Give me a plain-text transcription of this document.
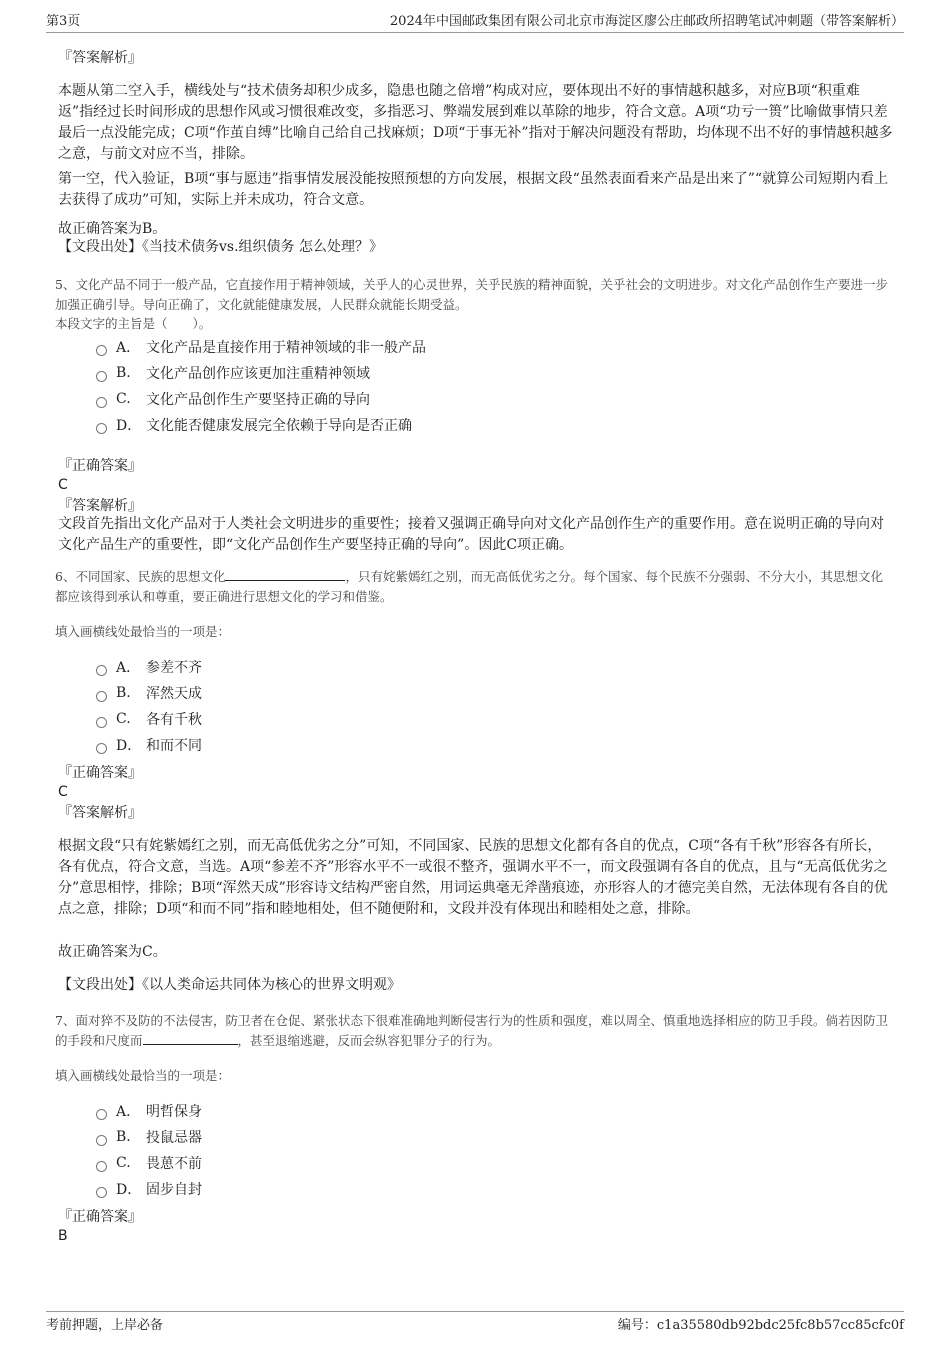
第3页	2024年中国邮政集团有限公司北京市海淀区廖公庄邮政所招聘笔试冲刺题（带答案解析）
『答案解析』
本题从第二空入手，横线处与“技术债务却积少成多，隐患也随之倍增”构成对应，要体现出不好的事情越积越多，对应B项“积重难返”指经过长时间形成的思想作风或习惯很难改变，多指恶习、弊端发展到难以革除的地步，符合文意。A项“功亏一篑”比喻做事情只差最后一点没能完成；C项“作茧自缚”比喻自己给自己找麻烦；D项“于事无补”指对于解决问题没有帮助，均体现不出不好的事情越积越多之意，与前文对应不当，排除。
第一空，代入验证，B项“事与愿违”指事情发展没能按照预想的方向发展，根据文段“虽然表面看来产品是出来了”“就算公司短期内看上去获得了成功”可知，实际上并未成功，符合文意。
故正确答案为B。
【文段出处】《当技术债务vs.组织债务 怎么处理？》
5、文化产品不同于一般产品，它直接作用于精神领域，关乎人的心灵世界，关乎民族的精神面貌，关乎社会的文明进步。对文化产品创作生产要进一步加强正确引导。导向正确了，文化就能健康发展，人民群众就能长期受益。
本段文字的主旨是（　　）。
A． 文化产品是直接作用于精神领域的非一般产品
B.	文化产品创作应该更加注重精神领域
C.	文化产品创作生产要坚持正确的导向
D． 文化能否健康发展完全依赖于导向是否正确
『正确答案』
C
『答案解析』
文段首先指出文化产品对于人类社会文明进步的重要性；接着又强调正确导向对文化产品创作生产的重要作用。意在说明正确的导向对文化产品生产的重要性，即“文化产品创作生产要坚持正确的导向”。因此C项正确。
6、不同国家、民族的思想文化	，只有姹紫嫣红之别，而无高低优劣之分。每个国家、每个民族不分强弱、不分大小，其思想文化都应该得到承认和尊重，要正确进行思想文化的学习和借鉴。
填入画横线处最恰当的一项是：
A． 参差不齐
B.	浑然天成
C.	各有千秋
D． 和而不同
『正确答案』
C
『答案解析』
根据文段“只有姹紫嫣红之别，而无高低优劣之分”可知，不同国家、民族的思想文化都有各自的优点，C项“各有千秋”形容各有所长，各有优点，符合文意，当选。A项“参差不齐”形容水平不一或很不整齐，强调水平不一，而文段强调有各自的优点，且与“无高低优劣之分”意思相悖，排除；B项“浑然天成”形容诗文结构严密自然，用词运典毫无斧凿痕迹，亦形容人的才德完美自然，无法体现有各自的优点之意，排除；D项“和而不同”指和睦地相处，但不随便附和，文段并没有体现出和睦相处之意，排除。
故正确答案为C。
【文段出处】《以人类命运共同体为核心的世界文明观》
7、面对猝不及防的不法侵害，防卫者在仓促、紧张状态下很难准确地判断侵害行为的性质和强度，难以周全、慎重地选择相应的防卫手段。倘若因防卫的手段和尺度而	，甚至退缩逃避，反而会纵容犯罪分子的行为。
填入画横线处最恰当的一项是：
A． 明哲保身
B.	投鼠忌器
C.	畏葸不前
D． 固步自封
『正确答案』
B
考前押题，上岸必备	编号：c1a35580db92bdc25fc8b57cc85cfc0f
